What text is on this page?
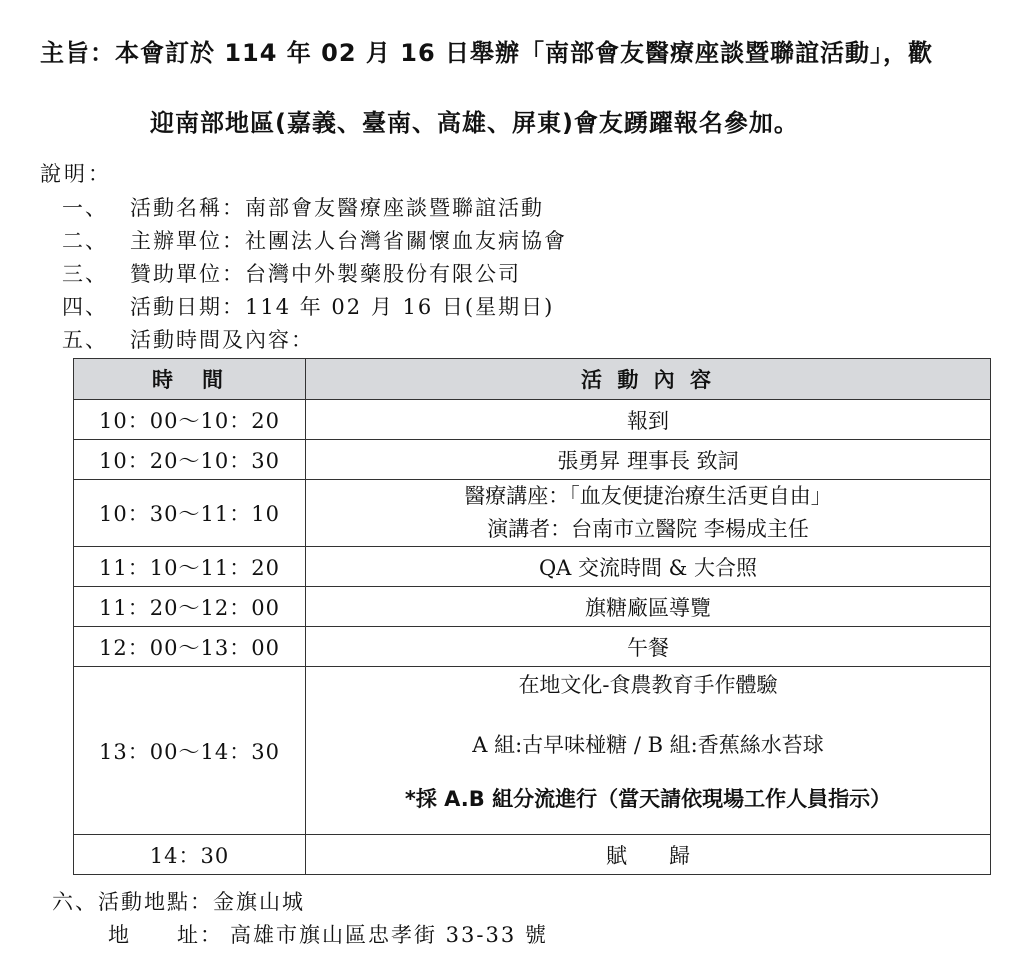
主旨：本會訂於 114 年 02 月 16 日舉辦「南部會友醫療座談暨聯誼活動」，歡
迎南部地區(嘉義、臺南、高雄、屏東)會友踴躍報名參加。
說明：
一、 活動名稱：南部會友醫療座談暨聯誼活動
二、 主辦單位：社團法人台灣省關懷血友病協會
三、 贊助單位：台灣中外製藥股份有限公司
四、 活動日期：114 年 02 月 16 日(星期日)
五、 活動時間及內容：
時　間	活 動 內 容
10：00～10：20	報到
10：20～10：30	張勇昇 理事長 致詞
10：30～11：10	醫療講座：「血友便捷治療生活更自由」
演講者：台南市立醫院 李楊成主任

11：10～11：20	QA 交流時間 & 大合照
11：20～12：00	旗糖廠區導覽
12：00～13：00	午餐
13：00～14：30	在地文化-食農教育手作體驗
A 組:古早味椪糖 / B 組:香蕉絲水苔球
*採 A.B 組分流進行（當天請依現場工作人員指示）

14：30	賦　　歸
六、活動地點：金旗山城
地　　址： 高雄市旗山區忠孝街 33-33 號
